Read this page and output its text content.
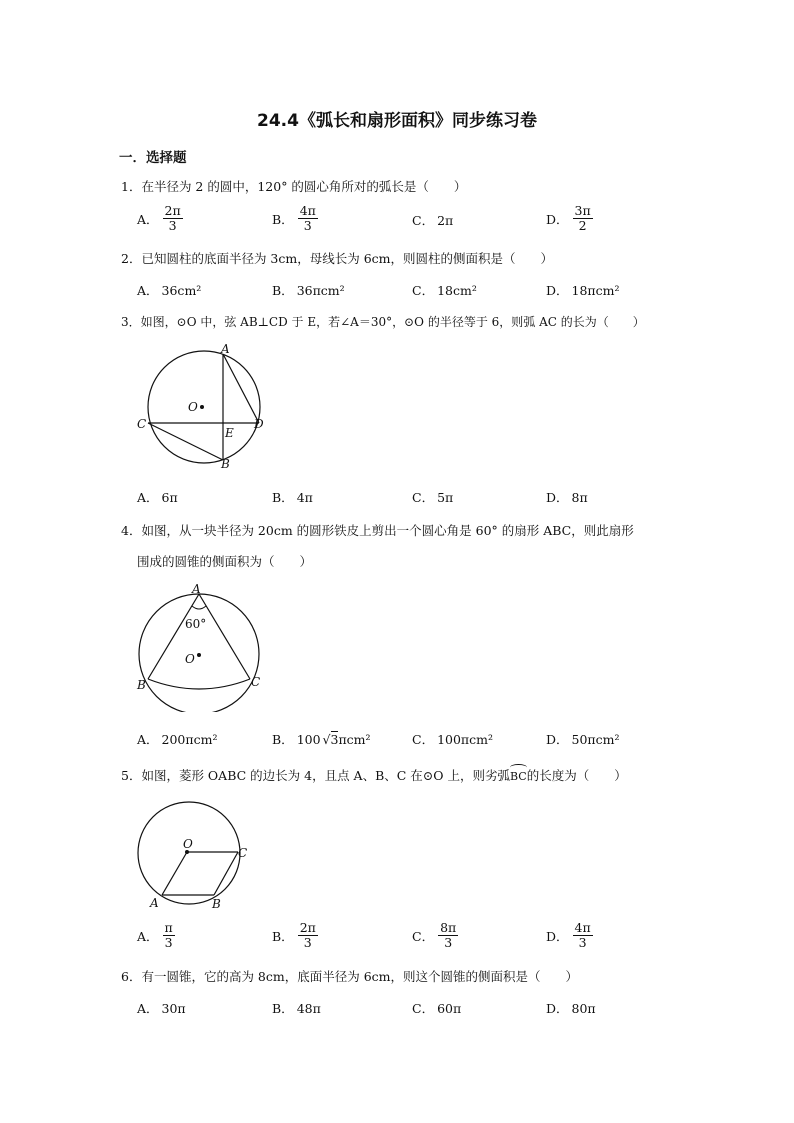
24.4《弧长和扇形面积》同步练习卷
一．选择题
1．在半径为 2 的圆中，120° 的圆心角所对的弧长是（　　）
A． $\frac{2\pi}{3}$	B． $\frac{4\pi}{3}$	C． 2π	D． $\frac{3\pi}{2}$
2．已知圆柱的底面半径为 3cm，母线长为 6cm，则圆柱的侧面积是（　　）
A． 36cm²	B． 36πcm²	C． 18cm²	D． 18πcm²
3．如图，⊙O 中，弦 AB⊥CD 于 E，若∠A＝30°，⊙O 的半径等于 6，则弧 AC 的长为（　　）
A
B
C	D
E
O
A． 6π	B． 4π	C． 5π	D． 8π
4．如图，从一块半径为 20cm 的圆形铁皮上剪出一个圆心角是 60° 的扇形 ABC，则此扇形
围成的圆锥的侧面积为（　　）
A
B	C
O
60°
A． 200πcm²	B． 100 √ 3 πcm²	C． 100πcm²	D． 50πcm²
5．如图，菱形 OABC 的边长为 4，且点 A、B、C 在⊙O 上，则劣弧
BC的长度为（　　）
O
A	B
C
A． $\frac{\pi}{3}$	B． $\frac{2\pi}{3}$	C． $\frac{8\pi}{3}$	D． $\frac{4\pi}{3}$
6．有一圆锥，它的高为 8cm，底面半径为 6cm，则这个圆锥的侧面积是（　　）
A． 30π	B． 48π	C． 60π	D． 80π
